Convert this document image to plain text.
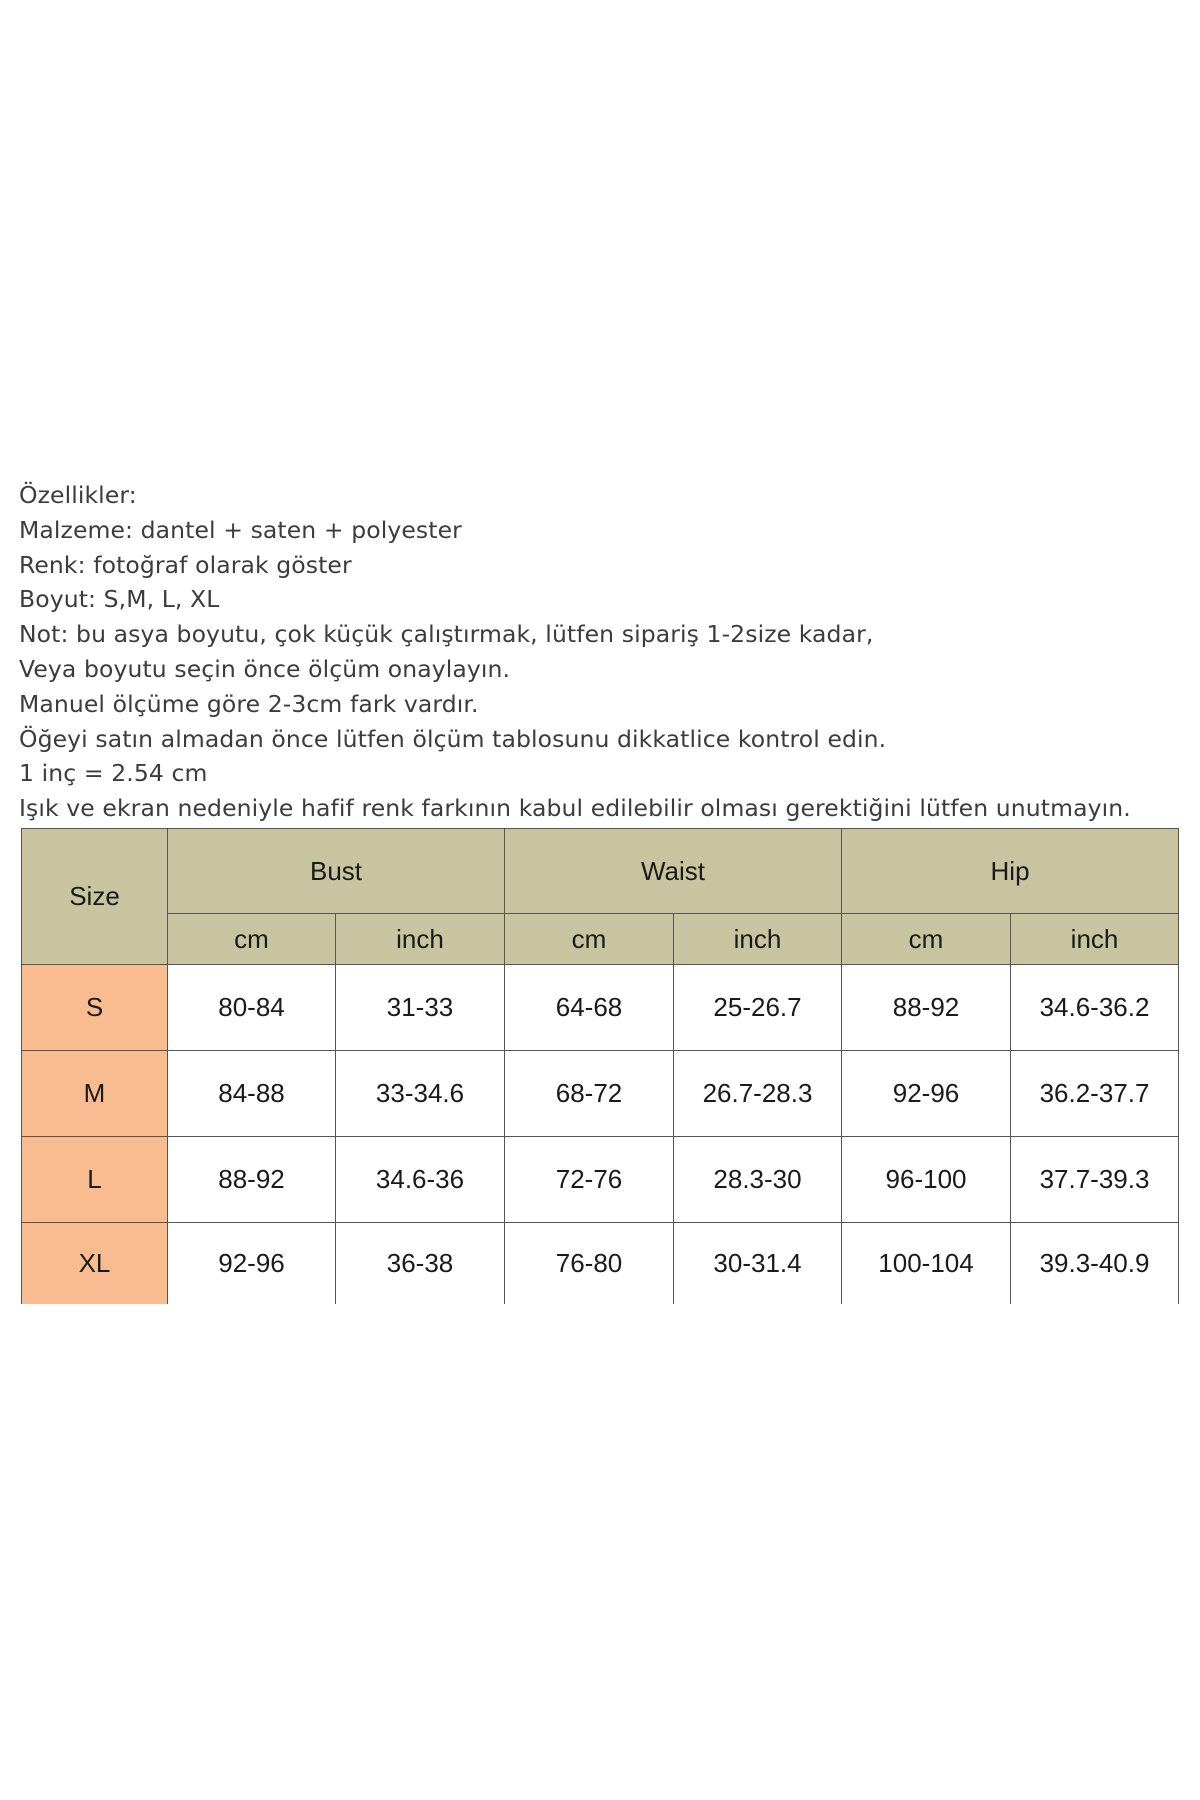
Özellikler:
Malzeme: dantel + saten + polyester
Renk: fotoğraf olarak göster
Boyut: S,M, L, XL
Not: bu asya boyutu, çok küçük çalıştırmak, lütfen sipariş 1-2size kadar,
Veya boyutu seçin önce ölçüm onaylayın.
Manuel ölçüme göre 2-3cm fark vardır.
Öğeyi satın almadan önce lütfen ölçüm tablosunu dikkatlice kontrol edin.
1 inç = 2.54 cm
Işık ve ekran nedeniyle hafif renk farkının kabul edilebilir olması gerektiğini lütfen unutmayın.
Size	Bust		Waist		Hip	
	cm	inch	cm	inch	cm	inch
S	80-84	31-33	64-68	25-26.7	88-92	34.6-36.2
M	84-88	33-34.6	68-72	26.7-28.3	92-96	36.2-37.7
L	88-92	34.6-36	72-76	28.3-30	96-100	37.7-39.3
XL	92-96	36-38	76-80	30-31.4	100-104	39.3-40.9
